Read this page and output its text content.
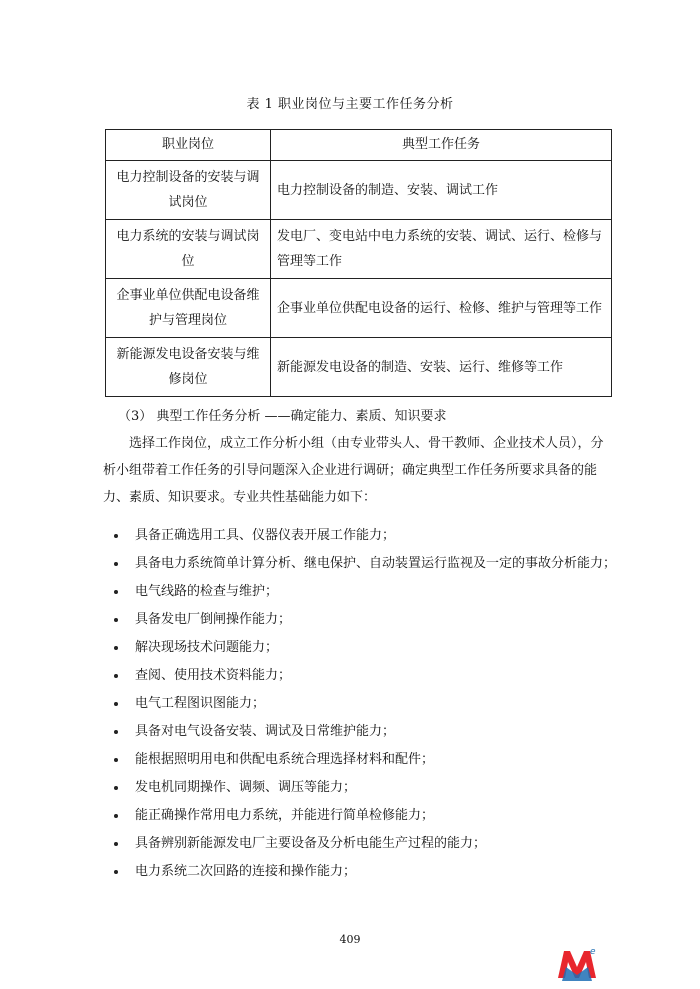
表 1 职业岗位与主要工作任务分析
职业岗位	典型工作任务
电力控制设备的安装与调试岗位	电力控制设备的制造、安装、调试工作
电力系统的安装与调试岗位	发电厂、变电站中电力系统的安装、调试、运行、检修与管理等工作
企事业单位供配电设备维护与管理岗位	企事业单位供配电设备的运行、检修、维护与管理等工作
新能源发电设备安装与维修岗位	新能源发电设备的制造、安装、运行、维修等工作
（3） 典型工作任务分析 ——确定能力、素质、知识要求
选择工作岗位，成立工作分析小组（由专业带头人、骨干教师、企业技术人员），分析小组带着工作任务的引导问题深入企业进行调研；确定典型工作任务所要求具备的能力、素质、知识要求。专业共性基础能力如下：
具备正确选用工具、仪器仪表开展工作能力；
具备电力系统简单计算分析、继电保护、自动装置运行监视及一定的事故分析能力；
电气线路的检查与维护；
具备发电厂倒闸操作能力；
解决现场技术问题能力；
查阅、使用技术资料能力；
电气工程图识图能力；
具备对电气设备安装、调试及日常维护能力；
能根据照明用电和供配电系统合理选择材料和配件；
发电机同期操作、调频、调压等能力；
能正确操作常用电力系统，并能进行简单检修能力；
具备辨别新能源发电厂主要设备及分析电能生产过程的能力；
电力系统二次回路的连接和操作能力；
409
e
